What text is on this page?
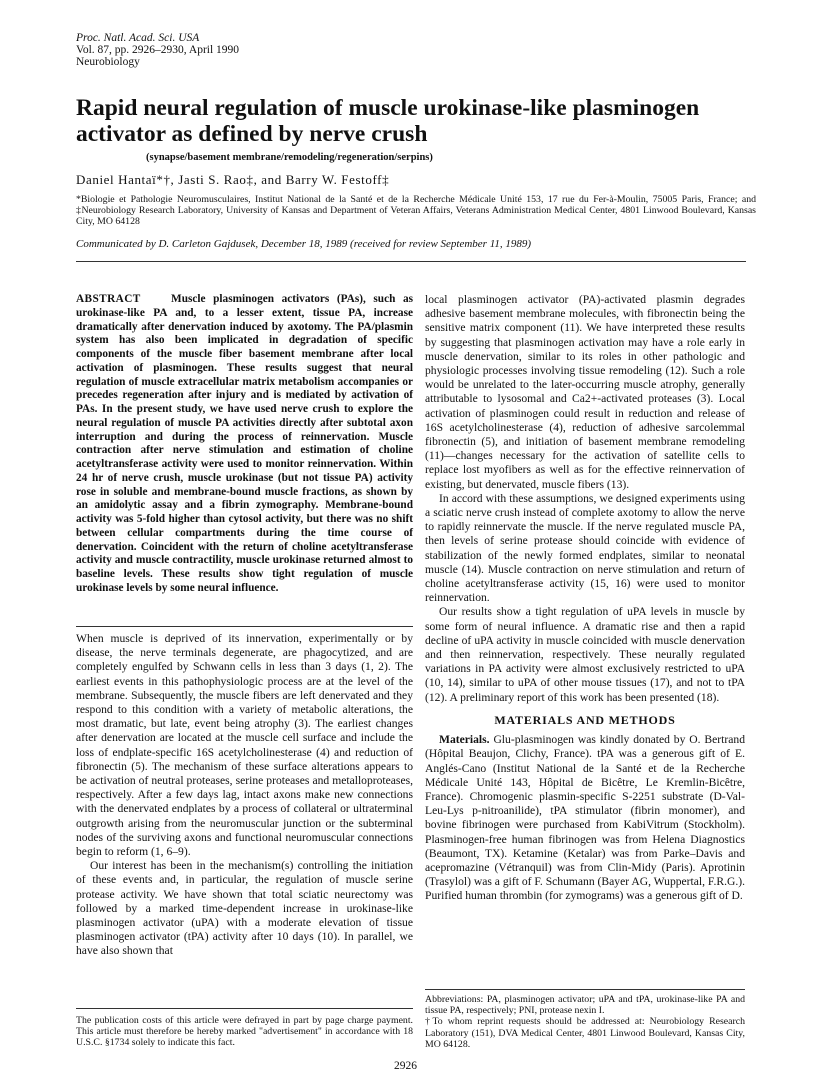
Proc. Natl. Acad. Sci. USA
Vol. 87, pp. 2926–2930, April 1990
Neurobiology
Rapid neural regulation of muscle urokinase-like plasminogen activator as defined by nerve crush
(synapse/basement membrane/remodeling/regeneration/serpins)
Daniel Hantaï*†, Jasti S. Rao‡, and Barry W. Festoff‡
*Biologie et Pathologie Neuromusculaires, Institut National de la Santé et de la Recherche Médicale Unité 153, 17 rue du Fer-à-Moulin, 75005 Paris, France; and ‡Neurobiology Research Laboratory, University of Kansas and Department of Veteran Affairs, Veterans Administration Medical Center, 4801 Linwood Boulevard, Kansas City, MO 64128
Communicated by D. Carleton Gajdusek, December 18, 1989 (received for review September 11, 1989)

ABSTRACT	Muscle plasminogen activators (PAs), such as urokinase-like PA and, to a lesser extent, tissue PA, increase dramatically after denervation induced by axotomy. The PA/plasmin system has also been implicated in degradation of specific components of the muscle fiber basement membrane after local activation of plasminogen. These results suggest that neural regulation of muscle extracellular matrix metabolism accompanies or precedes regeneration after injury and is mediated by activation of PAs. In the present study, we have used nerve crush to explore the neural regulation of muscle PA activities directly after subtotal axon interruption and during the process of reinnervation. Muscle contraction after nerve stimulation and estimation of choline acetyltransferase activity were used to monitor reinnervation. Within 24 hr of nerve crush, muscle urokinase (but not tissue PA) activity rose in soluble and membrane-bound muscle fractions, as shown by an amidolytic assay and a fibrin zymography. Membrane-bound activity was 5-fold higher than cytosol activity, but there was no shift between cellular compartments during the time course of denervation. Coincident with the return of choline acetyltransferase activity and muscle contractility, muscle urokinase returned almost to baseline levels. These results show tight regulation of muscle urokinase levels by some neural influence.

When muscle is deprived of its innervation, experimentally or by disease, the nerve terminals degenerate, are phagocytized, and are completely engulfed by Schwann cells in less than 3 days (1, 2). The earliest events in this pathophysiologic process are at the level of the membrane. Subsequently, the muscle fibers are left denervated and they respond to this condition with a variety of metabolic alterations, the most dramatic, but late, event being atrophy (3). The earliest changes after denervation are located at the muscle cell surface and include the loss of endplate-specific 16S acetylcholinesterase (4) and reduction of fibronectin (5). The mechanism of these surface alterations appears to be activation of neutral proteases, serine proteases and metalloproteases, respectively. After a few days lag, intact axons make new connections with the denervated endplates by a process of collateral or ultraterminal outgrowth arising from the neuromuscular junction or the subterminal nodes of the surviving axons and functional neuromuscular connections begin to reform (1, 6–9).

Our interest has been in the mechanism(s) controlling the initiation of these events and, in particular, the regulation of muscle serine protease activity. We have shown that total sciatic neurectomy was followed by a marked time-dependent increase in urokinase-like plasminogen activator (uPA) with a moderate elevation of tissue plasminogen activator (tPA) activity after 10 days (10). In parallel, we have also shown that

The publication costs of this article were defrayed in part by page charge payment. This article must therefore be hereby marked "advertisement" in accordance with 18 U.S.C. §1734 solely to indicate this fact.

local plasminogen activator (PA)-activated plasmin degrades adhesive basement membrane molecules, with fibronectin being the sensitive matrix component (11). We have interpreted these results by suggesting that plasminogen activation may have a role early in muscle denervation, similar to its roles in other pathologic and physiologic processes involving tissue remodeling (12). Such a role would be unrelated to the later-occurring muscle atrophy, generally attributable to lysosomal and Ca2+-activated proteases (3). Local activation of plasminogen could result in reduction and release of 16S acetylcholinesterase (4), reduction of adhesive sarcolemmal fibronectin (5), and initiation of basement membrane remodeling (11)—changes necessary for the activation of satellite cells to replace lost myofibers as well as for the effective reinnervation of existing, but denervated, muscle fibers (13).

In accord with these assumptions, we designed experiments using a sciatic nerve crush instead of complete axotomy to allow the nerve to rapidly reinnervate the muscle. If the nerve regulated muscle PA, then levels of serine protease should coincide with evidence of stabilization of the newly formed endplates, similar to neonatal muscle (14). Muscle contraction on nerve stimulation and return of choline acetyltransferase activity (15, 16) were used to monitor reinnervation.

Our results show a tight regulation of uPA levels in muscle by some form of neural influence. A dramatic rise and then a rapid decline of uPA activity in muscle coincided with muscle denervation and then reinnervation, respectively. These neurally regulated variations in PA activity were almost exclusively restricted to uPA (10, 14), similar to uPA of other mouse tissues (17), and not to tPA (12). A preliminary report of this work has been presented (18).

MATERIALS AND METHODS

Materials. Glu-plasminogen was kindly donated by O. Bertrand (Hôpital Beaujon, Clichy, France). tPA was a generous gift of E. Anglés-Cano (Institut National de la Santé et de la Recherche Médicale Unité 143, Hôpital de Bicêtre, Le Kremlin-Bicêtre, France). Chromogenic plasmin-specific S-2251 substrate (D-Val-Leu-Lys p-nitroanilide), tPA stimulator (fibrin monomer), and bovine fibrinogen were purchased from KabiVitrum (Stockholm). Plasminogen-free human fibrinogen was from Helena Diagnostics (Beaumont, TX). Ketamine (Ketalar) was from Parke–Davis and acepromazine (Vétranquil) was from Clin-Midy (Paris). Aprotinin (Trasylol) was a gift of F. Schumann (Bayer AG, Wuppertal, F.R.G.). Purified human thrombin (for zymograms) was a generous gift of D.

Abbreviations: PA, plasminogen activator; uPA and tPA, urokinase-like PA and tissue PA, respectively; PNI, protease nexin I.
†To whom reprint requests should be addressed at: Neurobiology Research Laboratory (151), DVA Medical Center, 4801 Linwood Boulevard, Kansas City, MO 64128.
2926
